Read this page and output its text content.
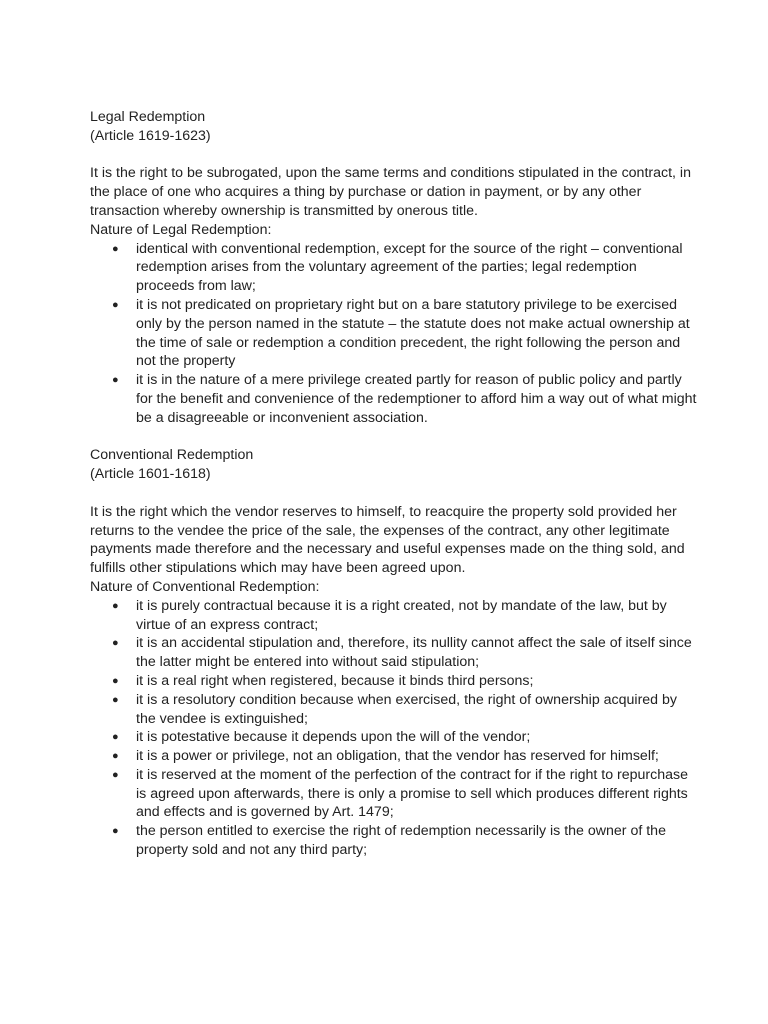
Legal Redemption

(Article 1619-1623)

It is the right to be subrogated, upon the same terms and conditions stipulated in the contract, in the place of one who acquires a thing by purchase or dation in payment, or by any other transaction whereby ownership is transmitted by onerous title.

Nature of Legal Redemption:

● identical with conventional redemption, except for the source of the right – conventional redemption arises from the voluntary agreement of the parties; legal redemption proceeds from law;
● it is not predicated on proprietary right but on a bare statutory privilege to be exercised only by the person named in the statute – the statute does not make actual ownership at the time of sale or redemption a condition precedent, the right following the person and not the property
● it is in the nature of a mere privilege created partly for reason of public policy and partly for the benefit and convenience of the redemptioner to afford him a way out of what might be a disagreeable or inconvenient association.

Conventional Redemption

(Article 1601-1618)

It is the right which the vendor reserves to himself, to reacquire the property sold provided her returns to the vendee the price of the sale, the expenses of the contract, any other legitimate payments made therefore and the necessary and useful expenses made on the thing sold, and fulfills other stipulations which may have been agreed upon.

Nature of Conventional Redemption:

● it is purely contractual because it is a right created, not by mandate of the law, but by virtue of an express contract;
● it is an accidental stipulation and, therefore, its nullity cannot affect the sale of itself since the latter might be entered into without said stipulation;
● it is a real right when registered, because it binds third persons;
● it is a resolutory condition because when exercised, the right of ownership acquired by the vendee is extinguished;
● it is potestative because it depends upon the will of the vendor;
● it is a power or privilege, not an obligation, that the vendor has reserved for himself;
● it is reserved at the moment of the perfection of the contract for if the right to repurchase is agreed upon afterwards, there is only a promise to sell which produces different rights and effects and is governed by Art. 1479;
● the person entitled to exercise the right of redemption necessarily is the owner of the property sold and not any third party;
